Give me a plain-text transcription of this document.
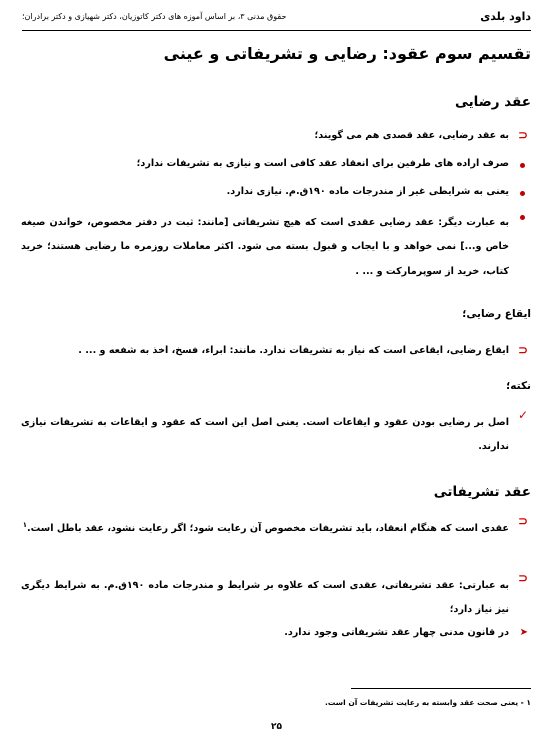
داود بلدی
حقوق مدنی ۳، بر اساس آموزه های دکتر کاتوزیان، دکتر شهیازی و دکتر برادران؛
تقسیم سوم عقود: رضایی و تشریفاتی و عینی
عقد رضایی
⊂
به عقد رضایی، عقد قصدی هم می گویند؛
صرف اراده های طرفین برای انعقاد عقد کافی است و نیازی به تشریفات ندارد؛
یعنی به شرایطی غیر از مندرجات ماده ۱۹۰ق.م. نیازی ندارد.
به عبارت دیگر: عقد رضایی عقدی است که هیچ تشریفاتی [مانند: ثبت در دفتر مخصوص، خواندن صیغه خاص و...] نمی خواهد و با ایجاب و قبول بسته می شود. اکثر معاملات روزمره ما رضایی هستند؛ خرید کتاب، خرید از سوپرمارکت و ... .
ایقاع رضایی؛
⊂
ایقاع رضایی، ایقاعی است که نیاز به تشریفات ندارد. مانند: ابراء، فسخ، اخذ به شفعه و ... .
نکته؛
✓
اصل بر رضایی بودن عقود و ایقاعات است. یعنی اصل این است که عقود و ایقاعات به تشریفات نیازی ندارند.
عقد تشریفاتی
⊂
عقدی است که هنگام انعقاد، باید تشریفات مخصوص آن رعایت شود؛ اگر رعایت نشود، عقد باطل است.$^۱$
⊂
به عبارتی: عقد تشریفاتی، عقدی است که علاوه بر شرایط و مندرجات ماده ۱۹۰ق.م. به شرایط دیگری نیز نیاز دارد؛
➤
در قانون مدنی چهار عقد تشریفاتی وجود ندارد.
۱ - یعنی صحت عقد وابسته به رعایت تشریفات آن است.
۲۵
